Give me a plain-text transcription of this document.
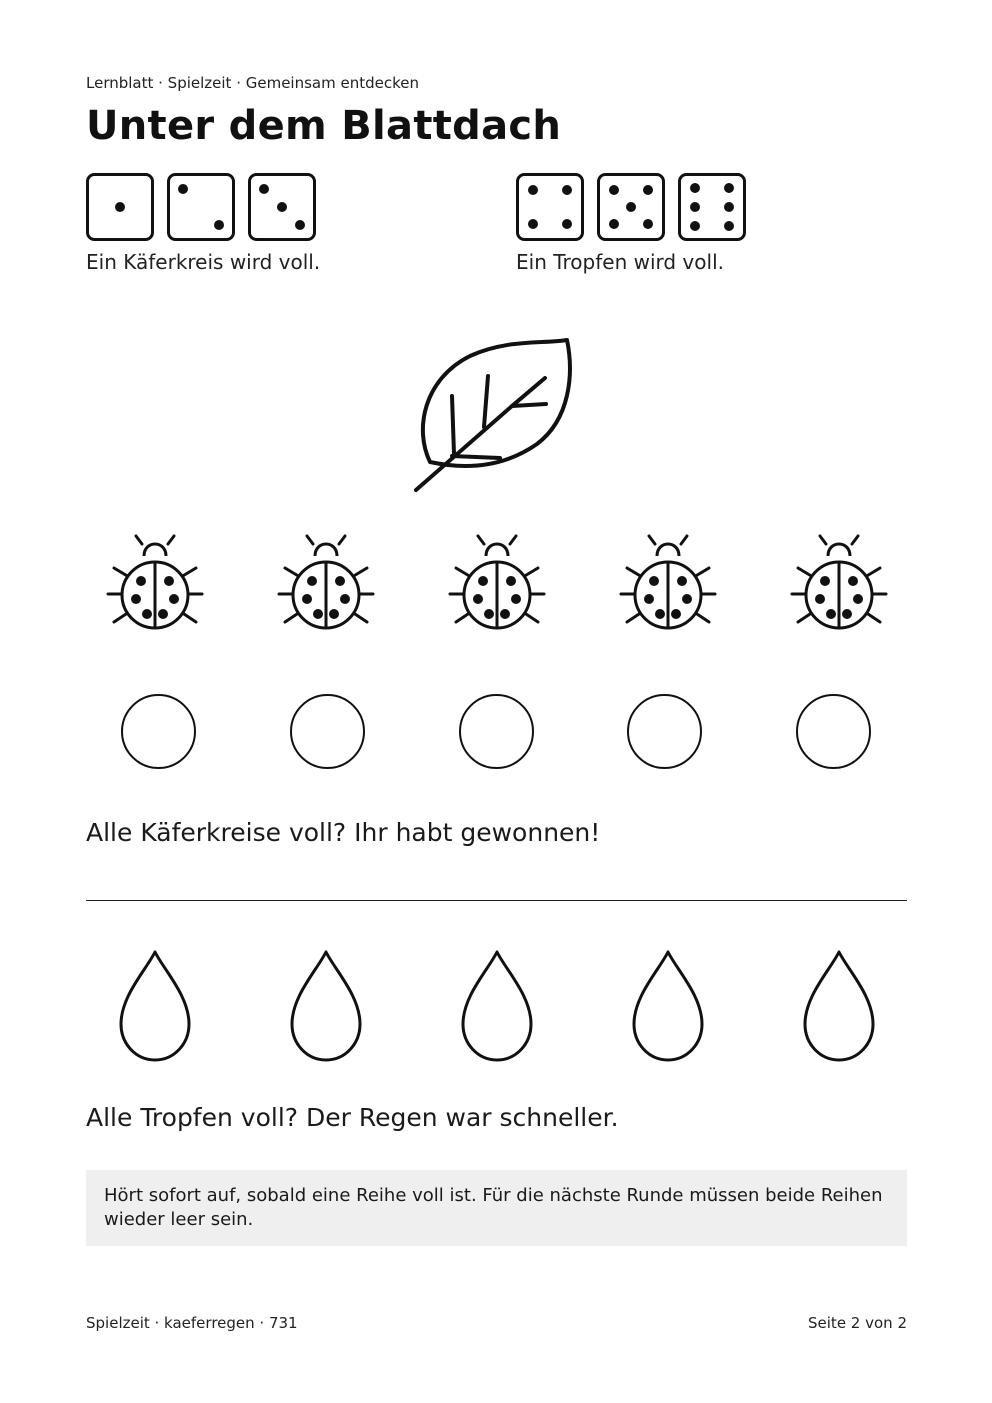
Lernblatt · Spielzeit · Gemeinsam entdecken
Unter dem Blattdach
Ein Käferkreis wird voll.	Ein Tropfen wird voll.
Alle Käferkreise voll? Ihr habt gewonnen!
Alle Tropfen voll? Der Regen war schneller.
Hört sofort auf, sobald eine Reihe voll ist. Für die nächste Runde müssen beide Reihen wieder leer sein.
Spielzeit · kaeferregen · 731	Seite 2 von 2
